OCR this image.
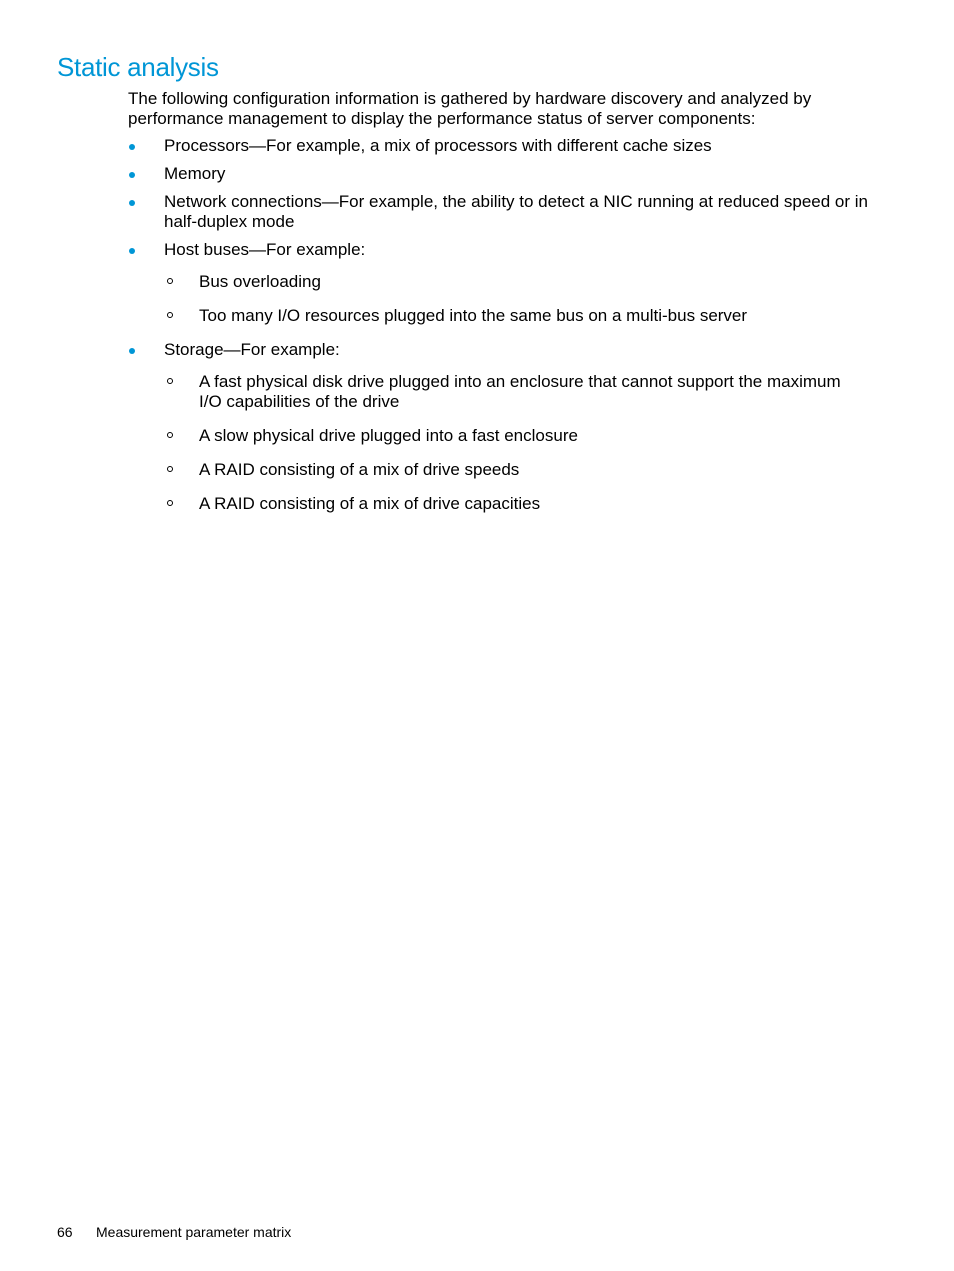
Static analysis

The following configuration information is gathered by hardware discovery and analyzed by performance management to display the performance status of server components:

Processors—For example, a mix of processors with different cache sizes
Memory
Network connections—For example, the ability to detect a NIC running at reduced speed or in half-duplex mode
Host buses—For example:
Bus overloading
Too many I/O resources plugged into the same bus on a multi-bus server
Storage—For example:
A fast physical disk drive plugged into an enclosure that cannot support the maximum I/O capabilities of the drive
A slow physical drive plugged into a fast enclosure
A RAID consisting of a mix of drive speeds
A RAID consisting of a mix of drive capacities
66 Measurement parameter matrix
